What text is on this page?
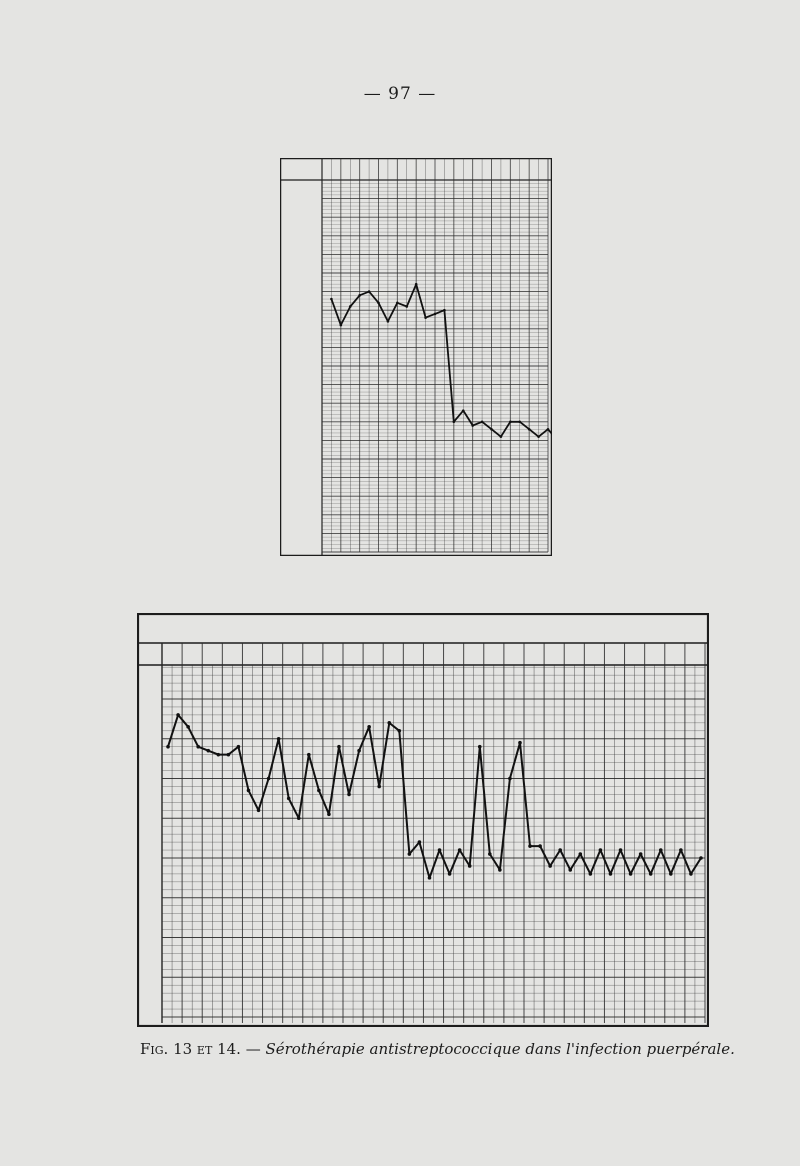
— 97 —
Fig. 13 et 14. — Sérothérapie antistreptococcique dans l'infection puerpérale.
